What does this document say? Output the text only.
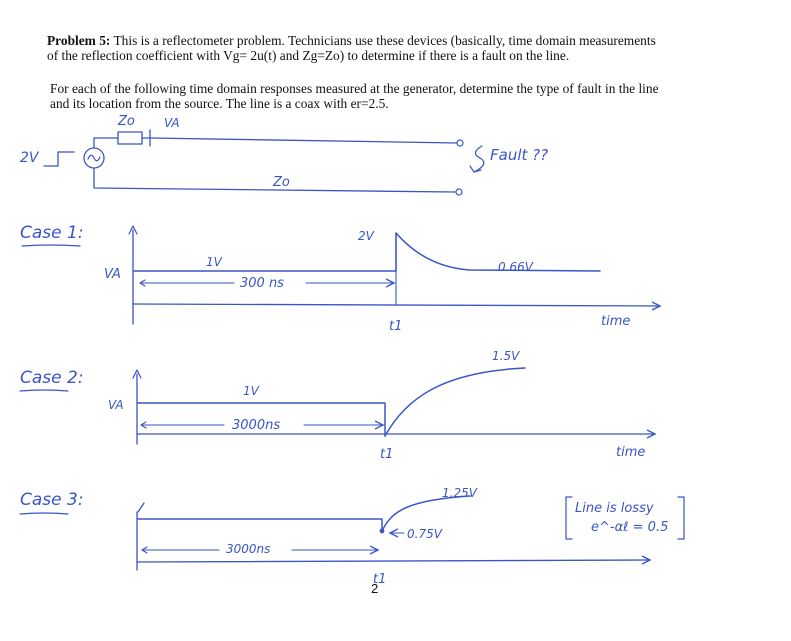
Problem 5: This is a reflectometer problem. Technicians use these devices (basically, time domain measurements
of the reflection coefficient with Vg= 2u(t) and Zg=Zo) to determine if there is a fault on the line.

For each of the following time domain responses measured at the generator, determine the type of fault in the line
and its location from the source. The line is a coax with er=2.5.

2V
Zo VA
Zo
Fault ??
Case 1:
VA
1V
2V
0.66V
300 ns
t1	time
Case 2:
VA
1V
1.5V
3000ns
t1	time
Case 3:	1.25V
0.75V
3000ns
t1
Line is lossy
e^-αℓ = 0.5
2
